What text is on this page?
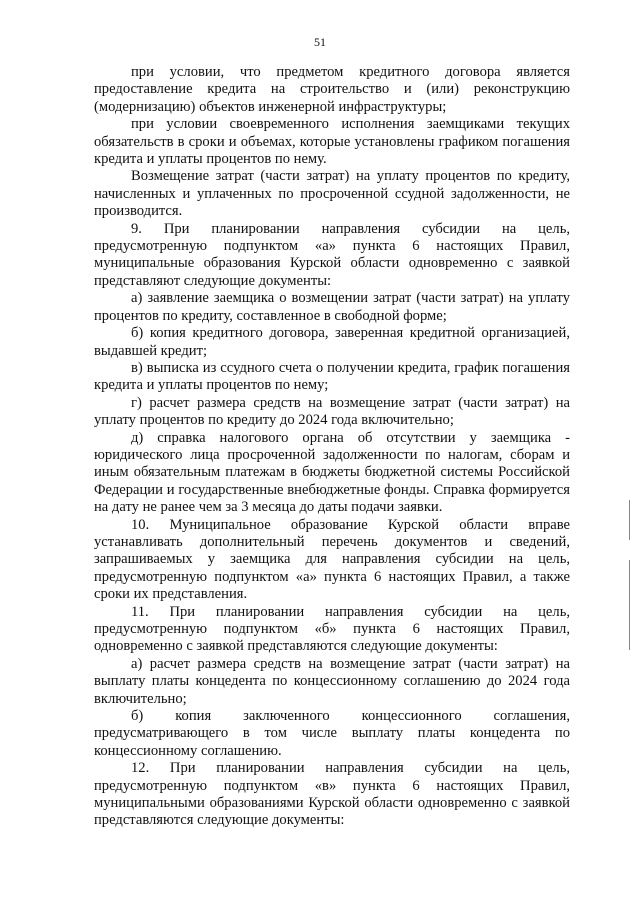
51

при условии, что предметом кредитного договора является предоставление кредита на строительство и (или) реконструкцию (модернизацию) объектов инженерной инфраструктуры;

при условии своевременного исполнения заемщиками текущих обязательств в сроки и объемах, которые установлены графиком погашения кредита и уплаты процентов по нему.

Возмещение затрат (части затрат) на уплату процентов по кредиту, начисленных и уплаченных по просроченной ссудной задолженности, не производится.

9. При планировании направления субсидии на цель, предусмотренную подпунктом «а» пункта 6 настоящих Правил, муниципальные образования Курской области одновременно с заявкой представляют следующие документы:

а) заявление заемщика о возмещении затрат (части затрат) на уплату процентов по кредиту, составленное в свободной форме;

б) копия кредитного договора, заверенная кредитной организацией, выдавшей кредит;

в) выписка из ссудного счета о получении кредита, график погашения кредита и уплаты процентов по нему;

г) расчет размера средств на возмещение затрат (части затрат) на уплату процентов по кредиту до 2024 года включительно;

д) справка налогового органа об отсутствии у заемщика - юридического лица просроченной задолженности по налогам, сборам и иным обязательным платежам в бюджеты бюджетной системы Российской Федерации и государственные внебюджетные фонды. Справка формируется на дату не ранее чем за 3 месяца до даты подачи заявки.

10. Муниципальное образование Курской области вправе устанавливать дополнительный перечень документов и сведений, запрашиваемых у заемщика для направления субсидии на цель, предусмотренную подпунктом «а» пункта 6 настоящих Правил, а также сроки их представления.

11. При планировании направления субсидии на цель, предусмотренную подпунктом «б» пункта 6 настоящих Правил, одновременно с заявкой представляются следующие документы:

а) расчет размера средств на возмещение затрат (части затрат) на выплату платы концедента по концессионному соглашению до 2024 года включительно;

б) копия заключенного концессионного соглашения, предусматривающего в том числе выплату платы концедента по концессионному соглашению.

12. При планировании направления субсидии на цель, предусмотренную подпунктом «в» пункта 6 настоящих Правил, муниципальными образованиями Курской области одновременно с заявкой представляются следующие документы:
